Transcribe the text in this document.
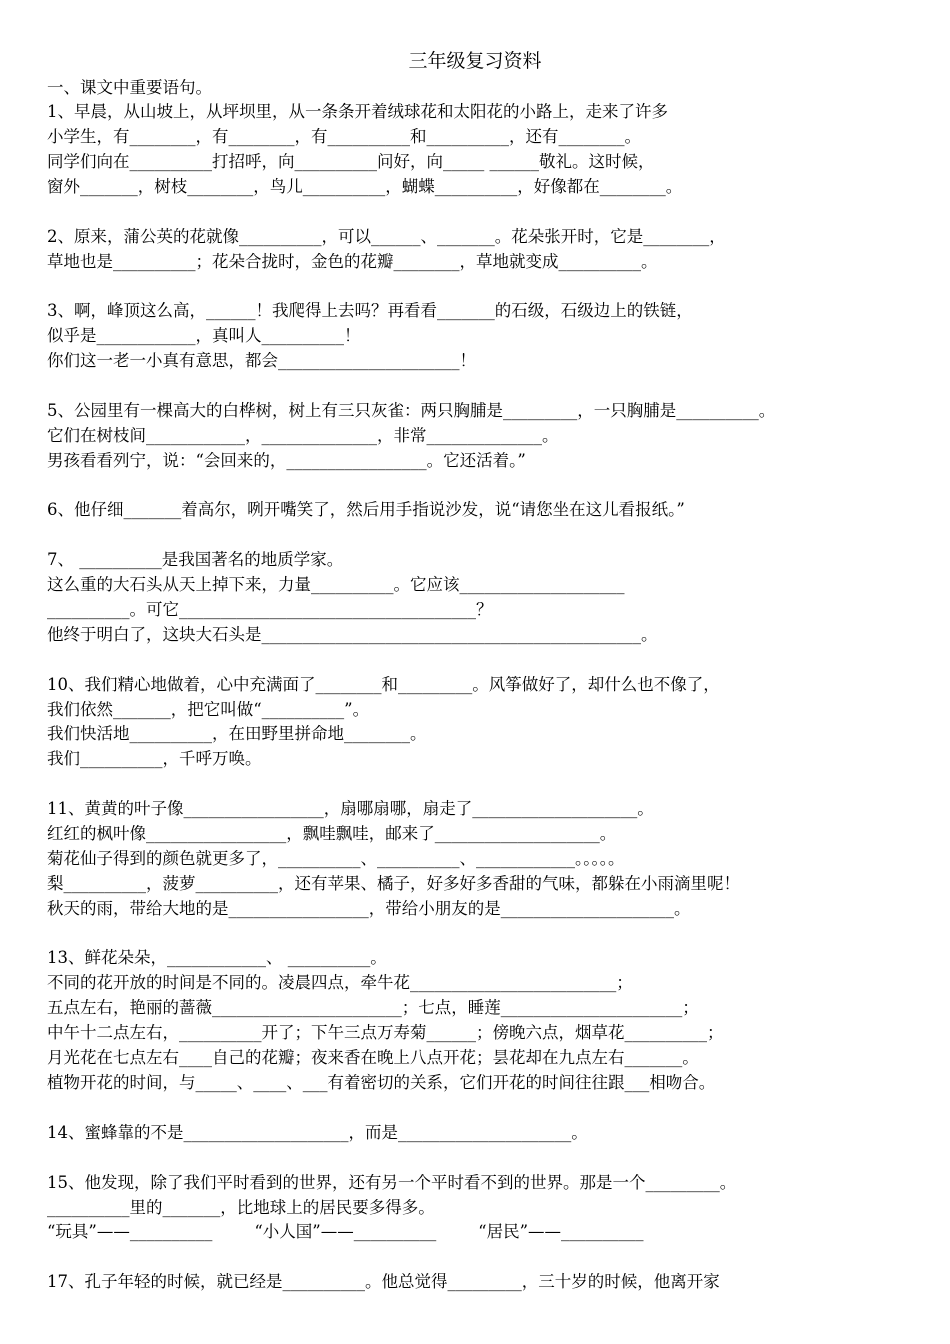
三年级复习资料
一、课文中重要语句。
1、早晨，从山坡上，从坪坝里，从一条条开着绒球花和太阳花的小路上，走来了许多
小学生，有________，有________，有__________和__________，还有________。
同学们向在__________打招呼，向__________问好，向_____ ______敬礼。这时候，
窗外_______，树枝________，鸟儿__________，蝴蝶__________，好像都在________。
2、原来，蒲公英的花就像__________，可以______、_______。花朵张开时，它是________，
草地也是__________；花朵合拢时，金色的花瓣________，草地就变成__________。
3、啊，峰顶这么高，______！我爬得上去吗？再看看_______的石级，石级边上的铁链，
似乎是____________，真叫人__________！
你们这一老一小真有意思，都会______________________！
5、公园里有一棵高大的白桦树，树上有三只灰雀：两只胸脯是_________，一只胸脯是__________。
它们在树枝间____________，______________，非常______________。
男孩看看列宁，说：“会回来的，_________________。它还活着。”
6、他仔细_______着高尔，咧开嘴笑了，然后用手指说沙发，说“请您坐在这儿看报纸。”
7、 __________是我国著名的地质学家。
这么重的大石头从天上掉下来，力量__________。它应该____________________
__________。可它____________________________________？
他终于明白了，这块大石头是______________________________________________。
10、我们精心地做着，心中充满面了________和_________。风筝做好了，却什么也不像了，
我们依然_______，把它叫做“__________”。
我们快活地__________，在田野里拼命地________。
我们__________，千呼万唤。
11、黄黄的叶子像_________________，扇哪扇哪，扇走了____________________。
红红的枫叶像_________________，飘哇飘哇，邮来了____________________。
菊花仙子得到的颜色就更多了，__________、__________、____________。。。。。
梨__________，菠萝__________，还有苹果、橘子，好多好多香甜的气味，都躲在小雨滴里呢！
秋天的雨，带给大地的是_________________，带给小朋友的是_____________________。
13、鲜花朵朵，____________、 __________。
不同的花开放的时间是不同的。凌晨四点，牵牛花_________________________；
五点左右，艳丽的蔷薇_______________________；七点，睡莲______________________；
中午十二点左右，__________开了；下午三点万寿菊______；傍晚六点，烟草花__________；
月光花在七点左右____自己的花瓣；夜来香在晚上八点开花；昙花却在九点左右_______。
植物开花的时间，与_____、____、___有着密切的关系，它们开花的时间往往跟___相吻合。
14、蜜蜂靠的不是____________________，而是_____________________。
15、他发现，除了我们平时看到的世界，还有另一个平时看不到的世界。那是一个_________。
__________里的_______，比地球上的居民要多得多。
“玩具”——__________        “小人国”——__________        “居民”——__________
17、孔子年轻的时候，就已经是__________。他总觉得_________，三十岁的时候，他离开家
